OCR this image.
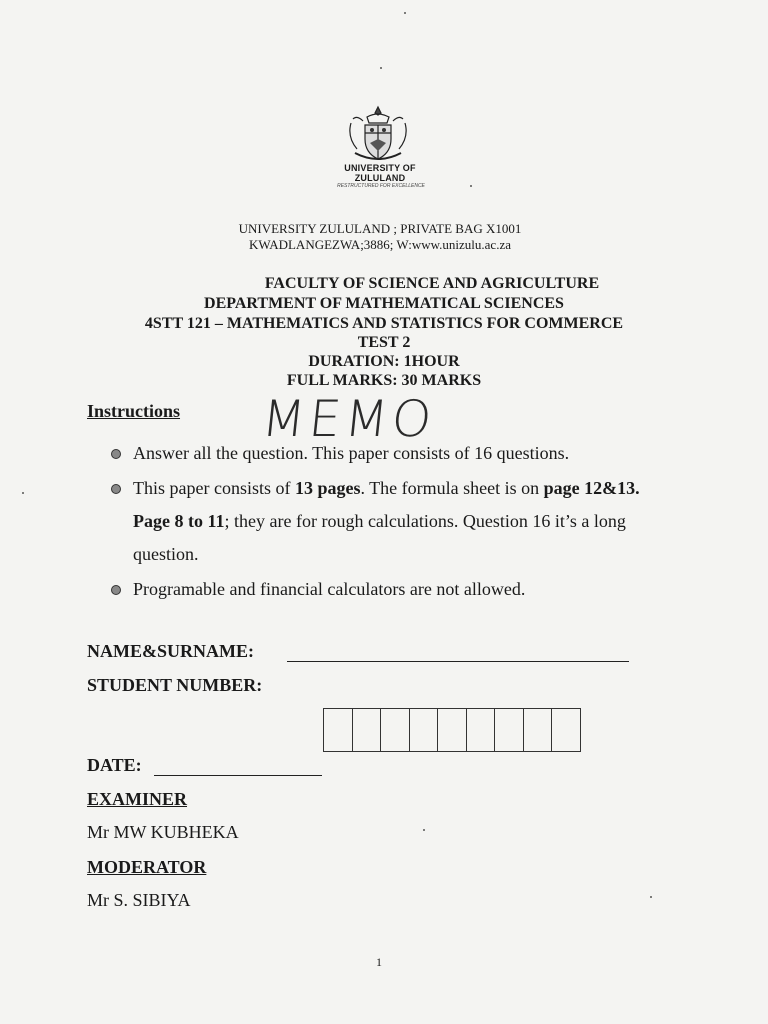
UNIVERSITY OF
ZULULAND
RESTRUCTURED FOR EXCELLENCE
UNIVERSITY ZULULAND ; PRIVATE BAG X1001
KWADLANGEZWA;3886; W:www.unizulu.ac.za
FACULTY OF SCIENCE AND AGRICULTURE
DEPARTMENT OF MATHEMATICAL SCIENCES
4STT 121 – MATHEMATICS AND STATISTICS FOR COMMERCE
TEST 2
DURATION: 1HOUR
FULL MARKS: 30 MARKS
MEMO
Instructions
Answer all the question. This paper consists of 16 questions.
This paper consists of 13 pages. The formula sheet is on page 12&13. Page 8 to 11; they are for rough calculations. Question 16 it’s a long question.
Programable and financial calculators are not allowed.
NAME&SURNAME:
STUDENT NUMBER:
DATE:
EXAMINER
Mr MW KUBHEKA
MODERATOR
Mr S. SIBIYA
1
